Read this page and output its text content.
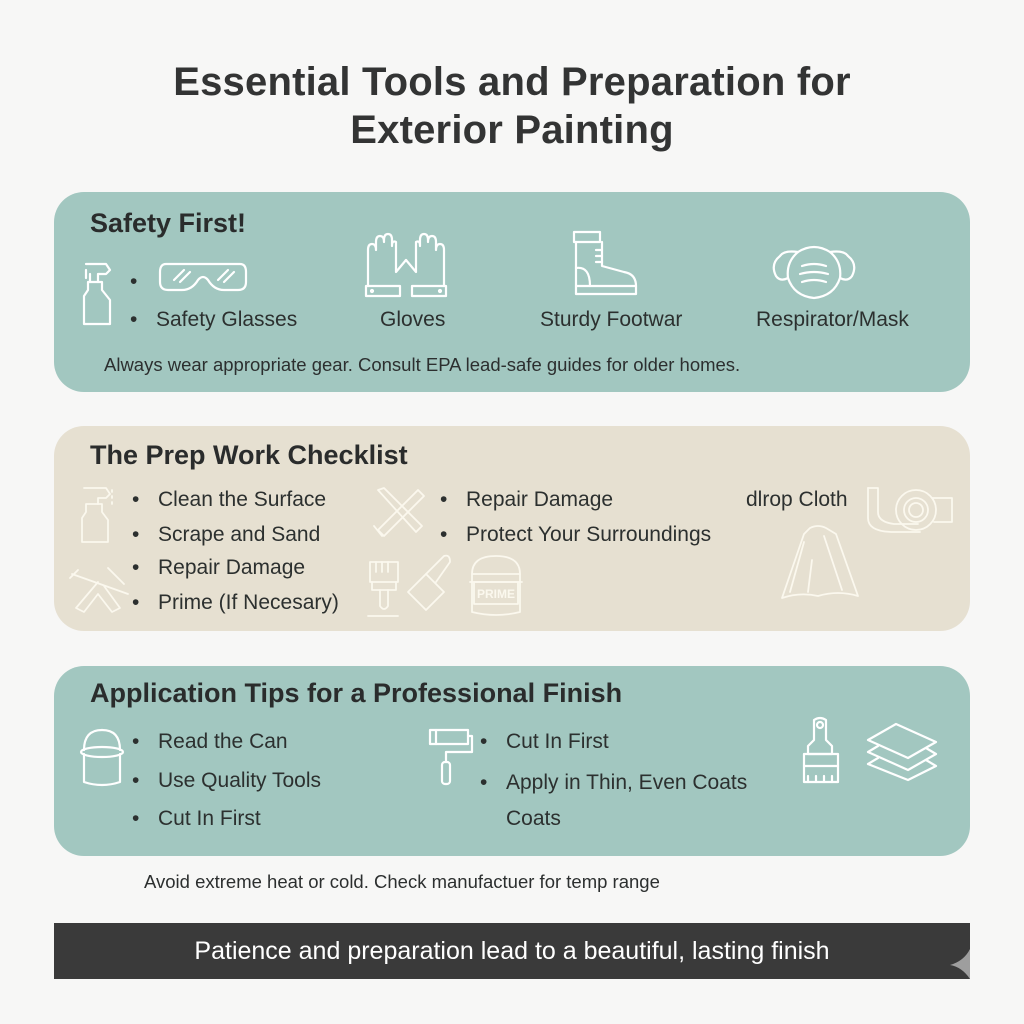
Essential Tools and Preparation for
Exterior Painting
Safety First!
•
• Safety Glasses	Gloves	Sturdy Footwar	Respirator/Mask
Always wear appropriate gear. Consult EPA lead-safe guides for older homes.
The Prep Work Checklist
• Clean the Surface
• Scrape and Sand
• Repair Damage
• Prime (If Necesary)
• Repair Damage
• Protect Your Surroundings
PRIME
dlrop Cloth
Application Tips for a Professional Finish
• Read the Can
• Use Quality Tools
• Cut In First
• Cut In First
• Apply in Thin, Even Coats
Coats
Avoid extreme heat or cold. Check manufactuer for temp range
Patience and preparation lead to a beautiful, lasting finish
